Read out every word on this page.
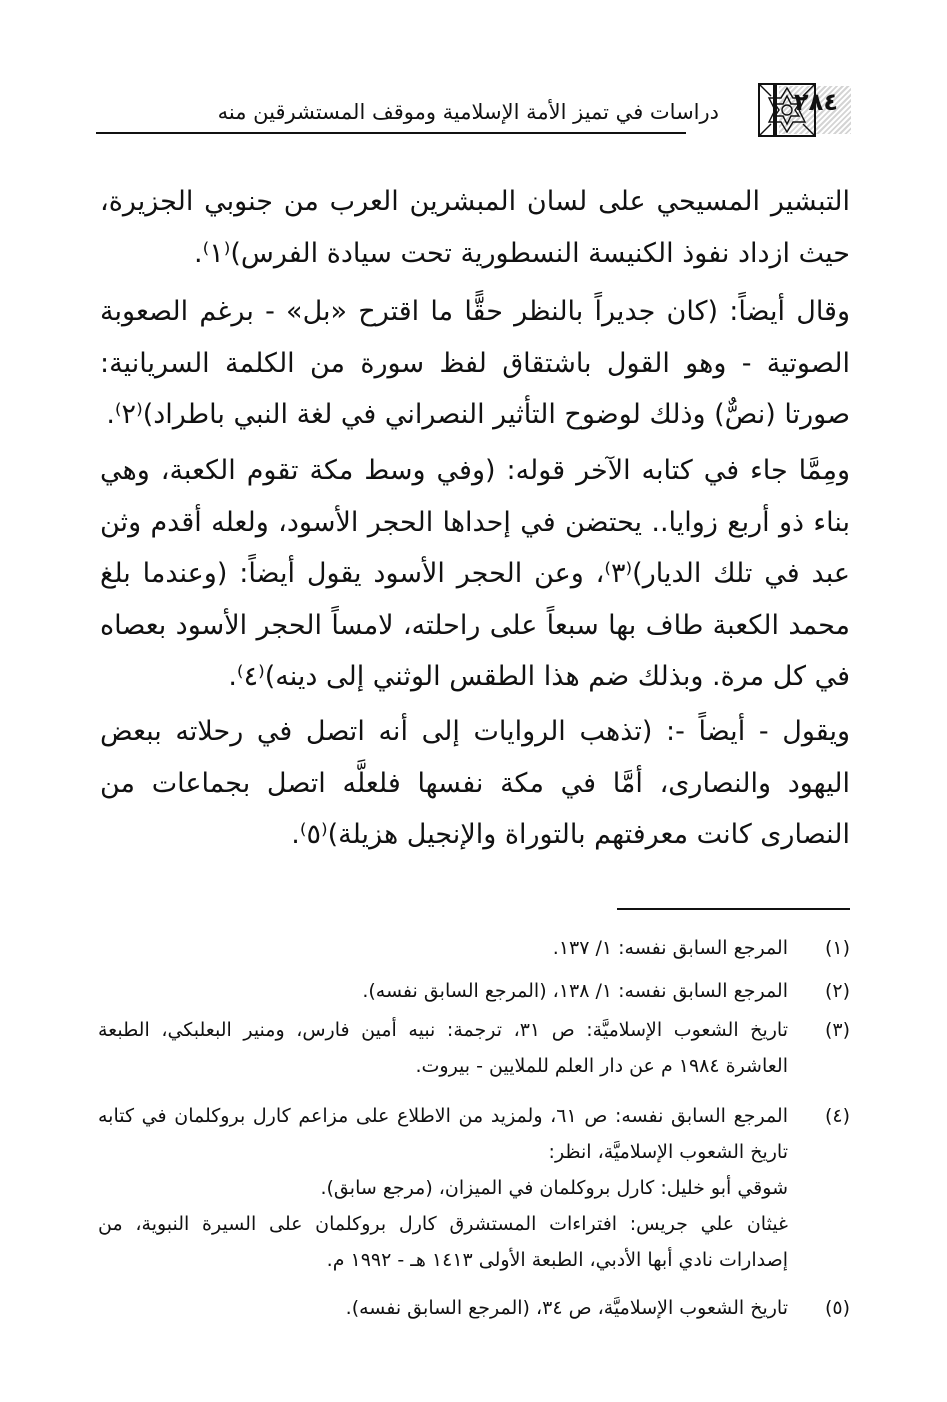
٢٨٤
دراسات في تميز الأمة الإسلامية وموقف المستشرقين منه
التبشير المسيحي على لسان المبشرين العرب من جنوبي الجزيرة، حيث ازداد نفوذ الكنيسة النسطورية تحت سيادة الفرس)⁽١⁾.
وقال أيضاً: (كان جديراً بالنظر حقًّا ما اقترح «بل» - برغم الصعوبة الصوتية - وهو القول باشتقاق لفظ سورة من الكلمة السريانية: صورتا (نصٌّ) وذلك لوضوح التأثير النصراني في لغة النبي باطراد)⁽٢⁾.
ومِمَّا جاء في كتابه الآخر قوله: (وفي وسط مكة تقوم الكعبة، وهي بناء ذو أربع زوايا.. يحتضن في إحداها الحجر الأسود، ولعله أقدم وثن عبد في تلك الديار)⁽٣⁾، وعن الحجر الأسود يقول أيضاً: (وعندما بلغ محمد الكعبة طاف بها سبعاً على راحلته، لامساً الحجر الأسود بعصاه في كل مرة. وبذلك ضم هذا الطقس الوثني إلى دينه)⁽٤⁾.
ويقول - أيضاً -: (تذهب الروايات إلى أنه اتصل في رحلاته ببعض اليهود والنصارى، أمَّا في مكة نفسها فلعلَّه اتصل بجماعات من النصارى كانت معرفتهم بالتوراة والإنجيل هزيلة)⁽٥⁾.
(١)
المرجع السابق نفسه: ١/ ١٣٧.
(٢)
المرجع السابق نفسه: ١/ ١٣٨، (المرجع السابق نفسه).
(٣)
تاريخ الشعوب الإسلاميَّة: ص ٣١، ترجمة: نبيه أمين فارس، ومنير البعلبكي، الطبعة العاشرة ١٩٨٤ م عن دار العلم للملايين - بيروت.
(٤)
المرجع السابق نفسه: ص ٦١، ولمزيد من الاطلاع على مزاعم كارل بروكلمان في كتابه تاريخ الشعوب الإسلاميَّة، انظر:
شوقي أبو خليل: كارل بروكلمان في الميزان، (مرجع سابق).
غيثان علي جريس: افتراءات المستشرق كارل بروكلمان على السيرة النبوية، من إصدارات نادي أبها الأدبي، الطبعة الأولى ١٤١٣ هـ - ١٩٩٢ م.
(٥)
تاريخ الشعوب الإسلاميَّة، ص ٣٤، (المرجع السابق نفسه).
